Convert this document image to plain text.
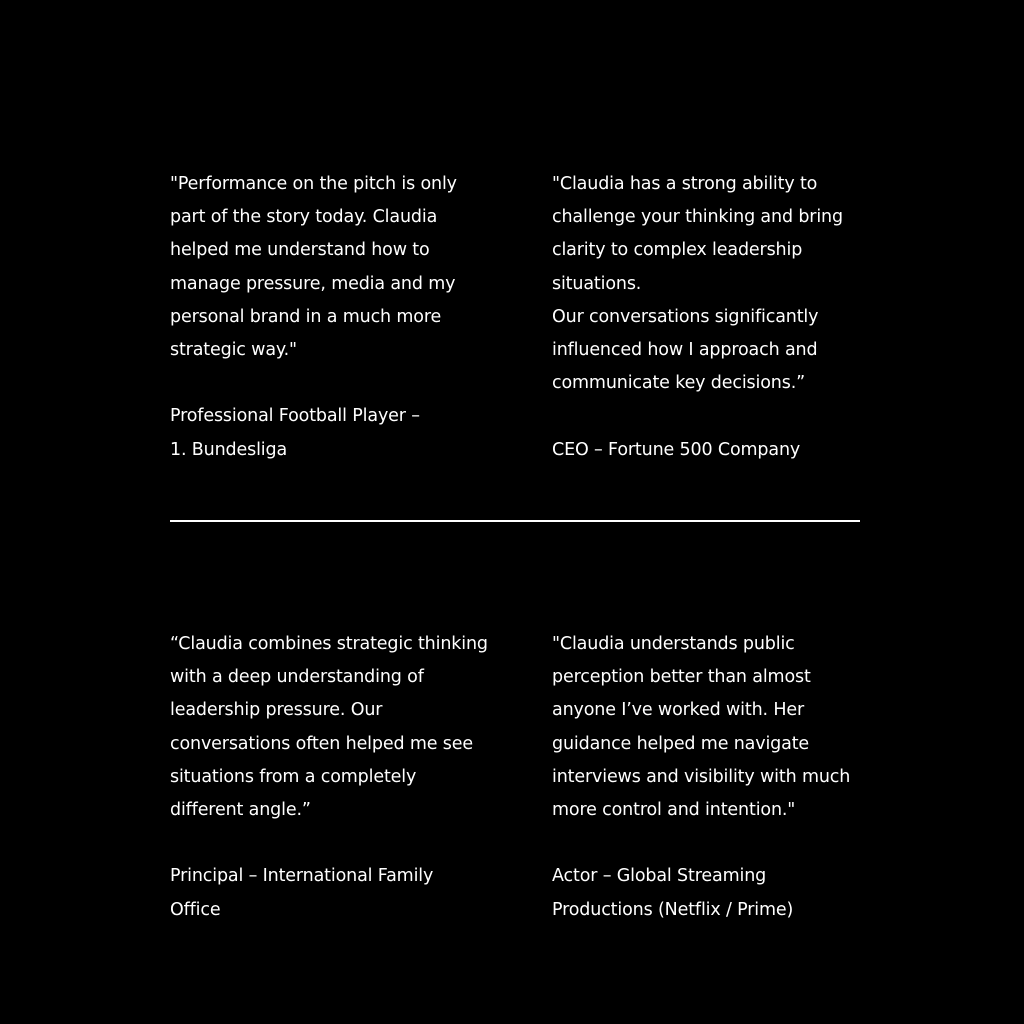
"Performance on the pitch is only
part of the story today. Claudia
helped me understand how to
manage pressure, media and my
personal brand in a much more
strategic way."
Professional Football Player –
1. Bundesliga
"Claudia has a strong ability to
challenge your thinking and bring
clarity to complex leadership
situations.
Our conversations significantly
influenced how I approach and
communicate key decisions.”
CEO – Fortune 500 Company
“Claudia combines strategic thinking
with a deep understanding of
leadership pressure. Our
conversations often helped me see
situations from a completely
different angle.”
Principal – International Family
Office
"Claudia understands public
perception better than almost
anyone I’ve worked with. Her
guidance helped me navigate
interviews and visibility with much
more control and intention."
Actor – Global Streaming
Productions (Netflix / Prime)
